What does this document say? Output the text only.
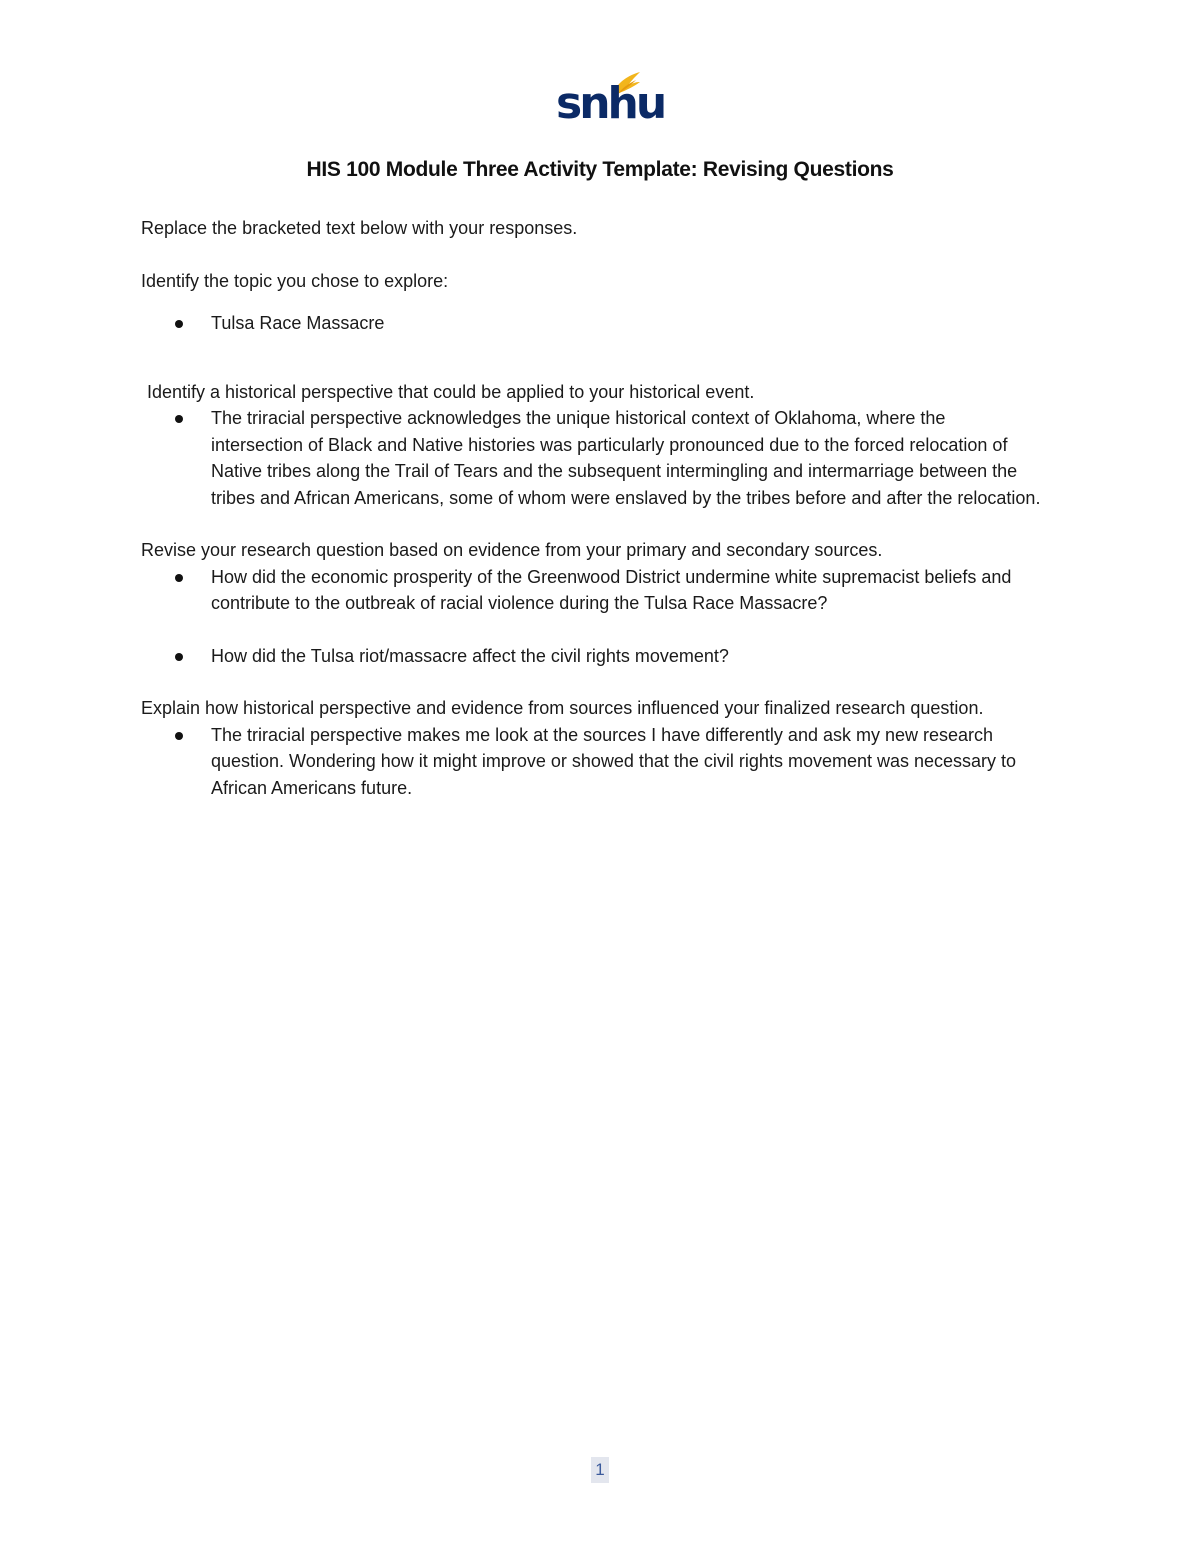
snhu
HIS 100 Module Three Activity Template: Revising Questions

Replace the bracketed text below with your responses.

Identify the topic you chose to explore:

Tulsa Race Massacre

Identify a historical perspective that could be applied to your historical event.

The triracial perspective acknowledges the unique historical context of Oklahoma, where the intersection of Black and Native histories was particularly pronounced due to the forced relocation of Native tribes along the Trail of Tears and the subsequent intermingling and intermarriage between the tribes and African Americans, some of whom were enslaved by the tribes before and after the relocation.

Revise your research question based on evidence from your primary and secondary sources.

How did the economic prosperity of the Greenwood District undermine white supremacist beliefs and contribute to the outbreak of racial violence during the Tulsa Race Massacre?
How did the Tulsa riot/massacre affect the civil rights movement?

Explain how historical perspective and evidence from sources influenced your finalized research question.

The triracial perspective makes me look at the sources I have differently and ask my new research question. Wondering how it might improve or showed that the civil rights movement was necessary to African Americans future.
1
